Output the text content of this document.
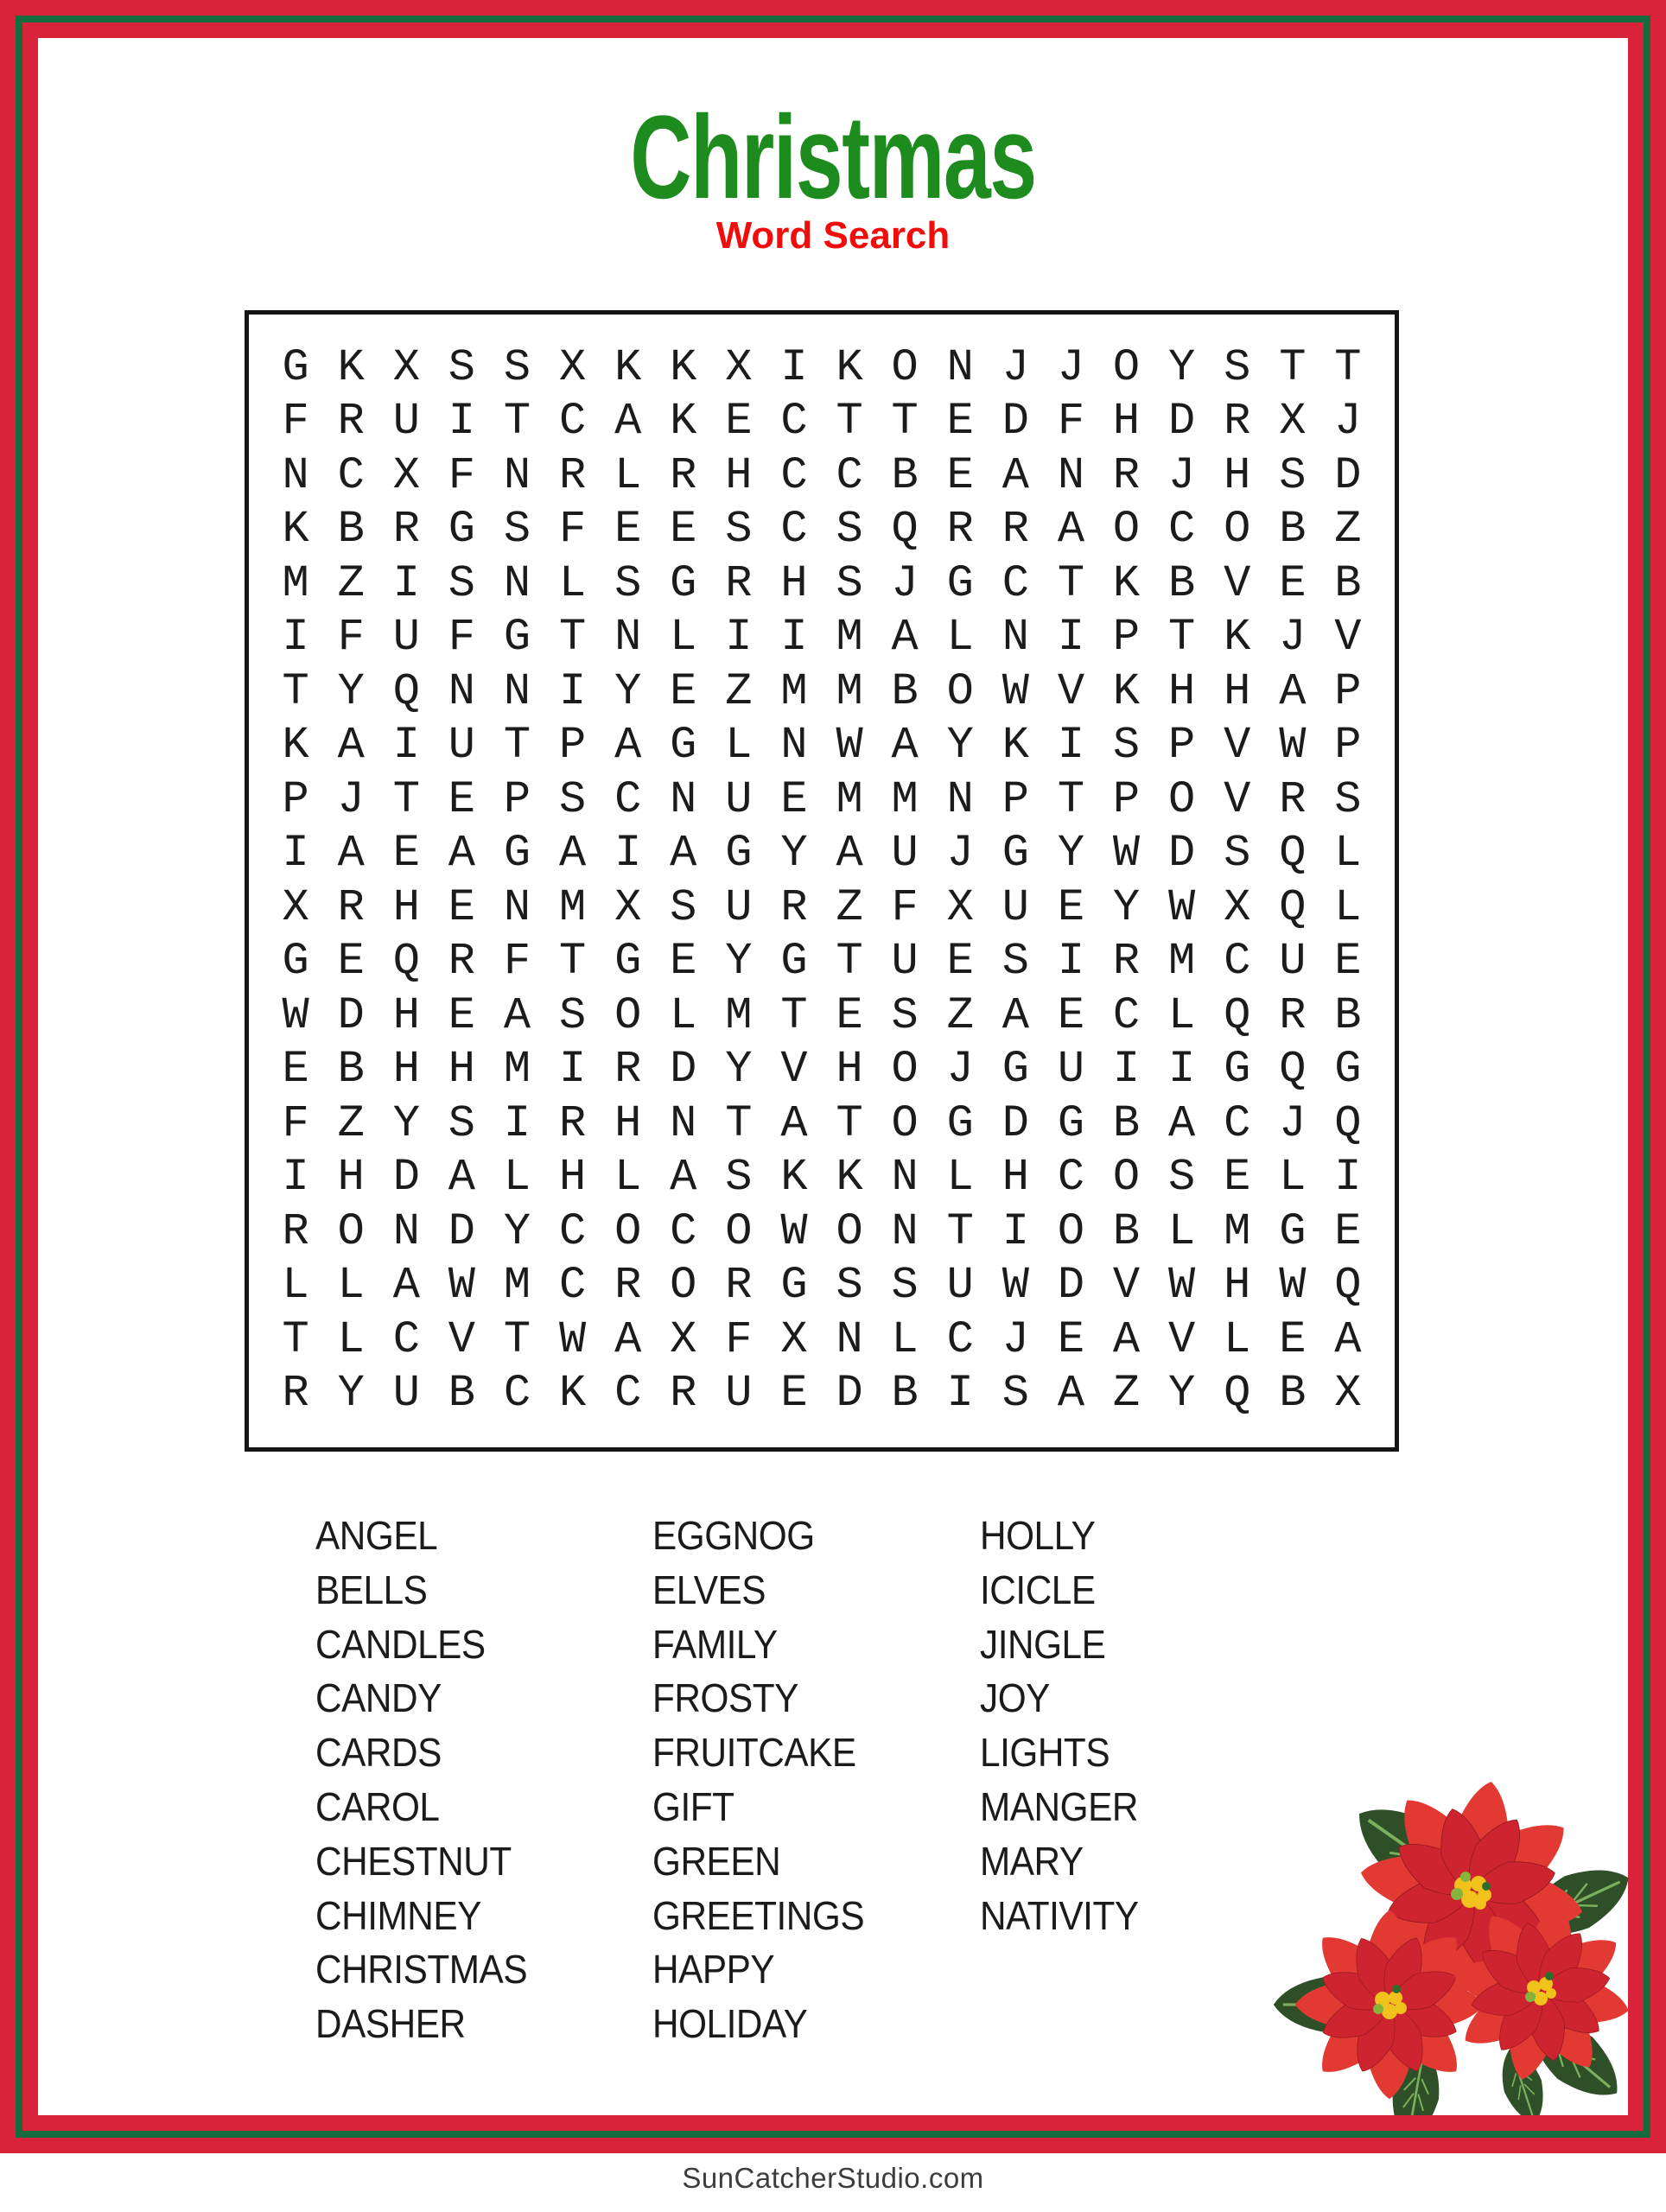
Christmas
Word Search
G K X S S X K K X I K O N J J O Y S T T
F R U I T C A K E C T T E D F H D R X J
N C X F N R L R H C C B E A N R J H S D
K B R G S F E E S C S Q R R A O C O B Z
M Z I S N L S G R H S J G C T K B V E B
I F U F G T N L I I M A L N I P T K J V
T Y Q N N I Y E Z M M B O W V K H H A P
K A I U T P A G L N W A Y K I S P V W P
P J T E P S C N U E M M N P T P O V R S
I A E A G A I A G Y A U J G Y W D S Q L
X R H E N M X S U R Z F X U E Y W X Q L
G E Q R F T G E Y G T U E S I R M C U E
W D H E A S O L M T E S Z A E C L Q R B
E B H H M I R D Y V H O J G U I I G Q G
F Z Y S I R H N T A T O G D G B A C J Q
I H D A L H L A S K K N L H C O S E L I
R O N D Y C O C O W O N T I O B L M G E
L L A W M C R O R G S S U W D V W H W Q
T L C V T W A X F X N L C J E A V L E A
R Y U B C K C R U E D B I S A Z Y Q B X
ANGEL
BELLS
CANDLES
CANDY
CARDS
CAROL
CHESTNUT
CHIMNEY
CHRISTMAS
DASHER
EGGNOG
ELVES
FAMILY
FROSTY
FRUITCAKE
GIFT
GREEN
GREETINGS
HAPPY
HOLIDAY
HOLLY
ICICLE
JINGLE
JOY
LIGHTS
MANGER
MARY
NATIVITY
SunCatcherStudio.com
